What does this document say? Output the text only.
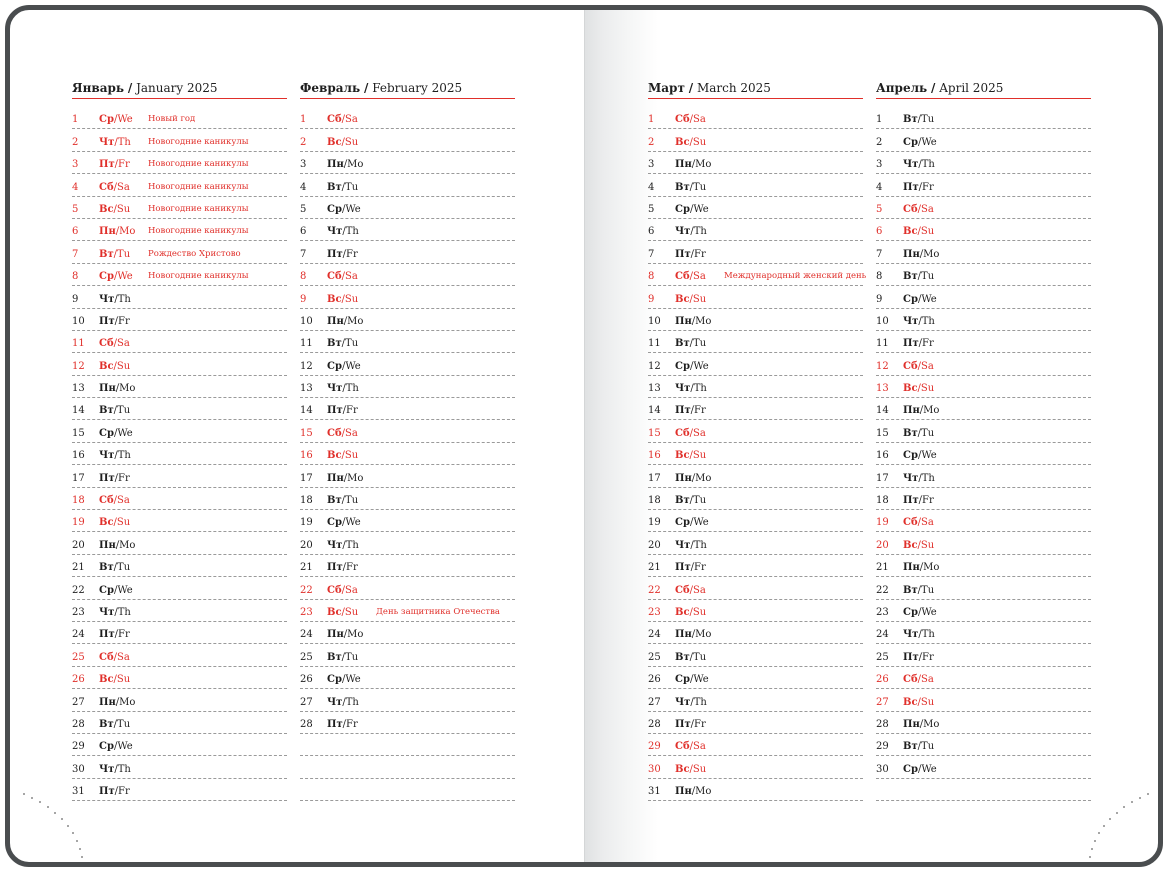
Январь / January 2025
1 Ср/We Новый год
2 Чт/Th Новогодние каникулы
3 Пт/Fr Новогодние каникулы
4 Сб/Sa Новогодние каникулы
5 Вс/Su Новогодние каникулы
6 Пн/Mo Новогодние каникулы
7 Вт/Tu Рождество Христово
8 Ср/We Новогодние каникулы
9 Чт/Th
10 Пт/Fr
11 Сб/Sa
12 Вс/Su
13 Пн/Mo
14 Вт/Tu
15 Ср/We
16 Чт/Th
17 Пт/Fr
18 Сб/Sa
19 Вс/Su
20 Пн/Mo
21 Вт/Tu
22 Ср/We
23 Чт/Th
24 Пт/Fr
25 Сб/Sa
26 Вс/Su
27 Пн/Mo
28 Вт/Tu
29 Ср/We
30 Чт/Th
31 Пт/Fr
Февраль / February 2025
1 Сб/Sa
2 Вс/Su
3 Пн/Mo
4 Вт/Tu
5 Ср/We
6 Чт/Th
7 Пт/Fr
8 Сб/Sa
9 Вс/Su
10 Пн/Mo
11 Вт/Tu
12 Ср/We
13 Чт/Th
14 Пт/Fr
15 Сб/Sa
16 Вс/Su
17 Пн/Mo
18 Вт/Tu
19 Ср/We
20 Чт/Th
21 Пт/Fr
22 Сб/Sa
23 Вс/Su День защитника Отечества
24 Пн/Mo
25 Вт/Tu
26 Ср/We
27 Чт/Th
28 Пт/Fr
Март / March 2025
1 Сб/Sa
2 Вс/Su
3 Пн/Mo
4 Вт/Tu
5 Ср/We
6 Чт/Th
7 Пт/Fr
8 Сб/Sa Международный женский день
9 Вс/Su
10 Пн/Mo
11 Вт/Tu
12 Ср/We
13 Чт/Th
14 Пт/Fr
15 Сб/Sa
16 Вс/Su
17 Пн/Mo
18 Вт/Tu
19 Ср/We
20 Чт/Th
21 Пт/Fr
22 Сб/Sa
23 Вс/Su
24 Пн/Mo
25 Вт/Tu
26 Ср/We
27 Чт/Th
28 Пт/Fr
29 Сб/Sa
30 Вс/Su
31 Пн/Mo
Апрель / April 2025
1 Вт/Tu
2 Ср/We
3 Чт/Th
4 Пт/Fr
5 Сб/Sa
6 Вс/Su
7 Пн/Mo
8 Вт/Tu
9 Ср/We
10 Чт/Th
11 Пт/Fr
12 Сб/Sa
13 Вс/Su
14 Пн/Mo
15 Вт/Tu
16 Ср/We
17 Чт/Th
18 Пт/Fr
19 Сб/Sa
20 Вс/Su
21 Пн/Mo
22 Вт/Tu
23 Ср/We
24 Чт/Th
25 Пт/Fr
26 Сб/Sa
27 Вс/Su
28 Пн/Mo
29 Вт/Tu
30 Ср/We
